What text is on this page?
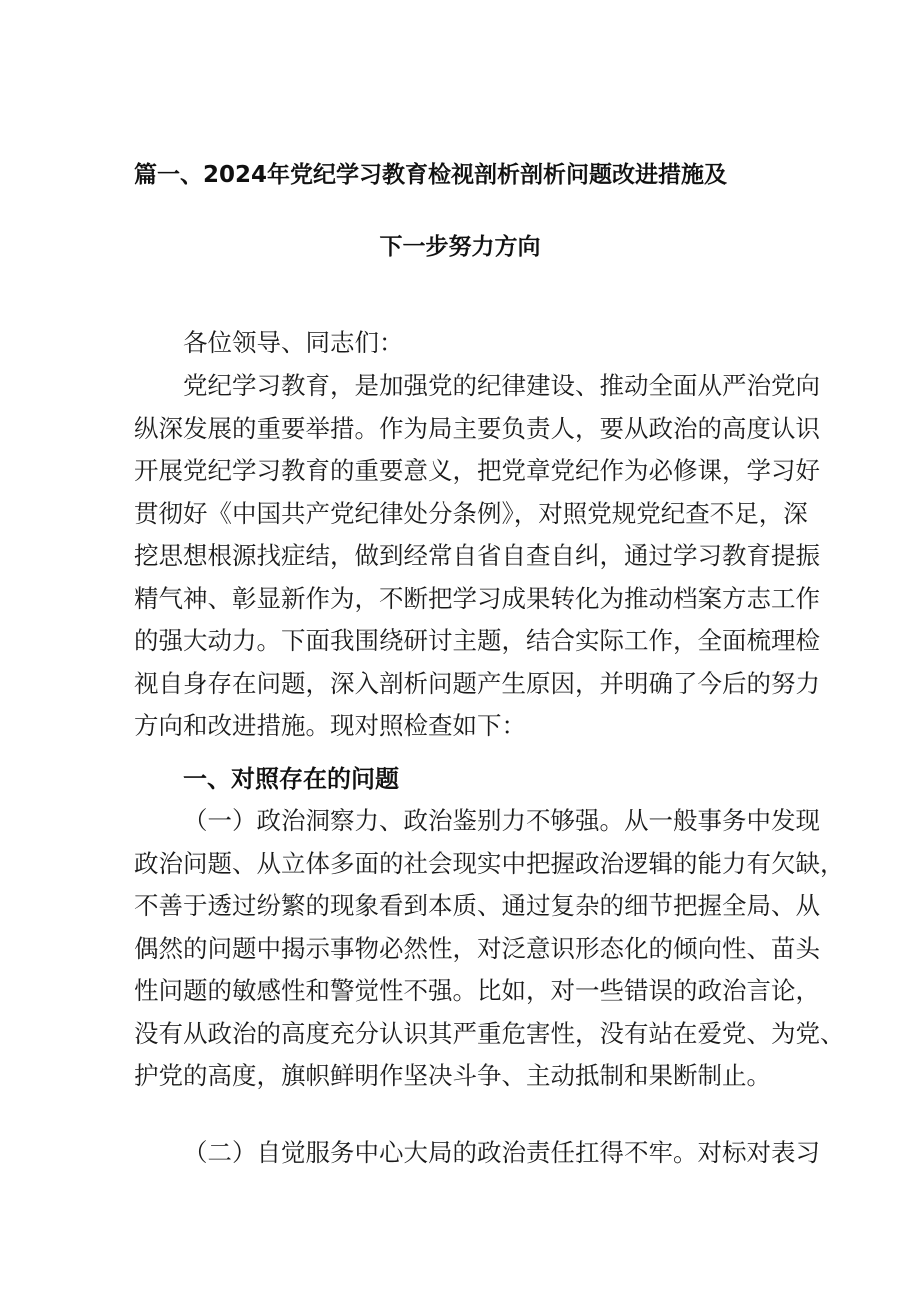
篇一、2024年党纪学习教育检视剖析剖析问题改进措施及
下一步努力方向
各位领导、同志们：
党纪学习教育，是加强党的纪律建设、推动全面从严治党向
纵深发展的重要举措。作为局主要负责人，要从政治的高度认识
开展党纪学习教育的重要意义，把党章党纪作为必修课，学习好
贯彻好《中国共产党纪律处分条例》，对照党规党纪查不足，深
挖思想根源找症结，做到经常自省自查自纠，通过学习教育提振
精气神、彰显新作为，不断把学习成果转化为推动档案方志工作
的强大动力。下面我围绕研讨主题，结合实际工作，全面梳理检
视自身存在问题，深入剖析问题产生原因，并明确了今后的努力
方向和改进措施。现对照检查如下：
一、对照存在的问题
（一）政治洞察力、政治鉴别力不够强。从一般事务中发现
政治问题、从立体多面的社会现实中把握政治逻辑的能力有欠缺，
不善于透过纷繁的现象看到本质、通过复杂的细节把握全局、从
偶然的问题中揭示事物必然性，对泛意识形态化的倾向性、苗头
性问题的敏感性和警觉性不强。比如，对一些错误的政治言论，
没有从政治的高度充分认识其严重危害性，没有站在爱党、为党、
护党的高度，旗帜鲜明作坚决斗争、主动抵制和果断制止。
（二）自觉服务中心大局的政治责任扛得不牢。对标对表习
